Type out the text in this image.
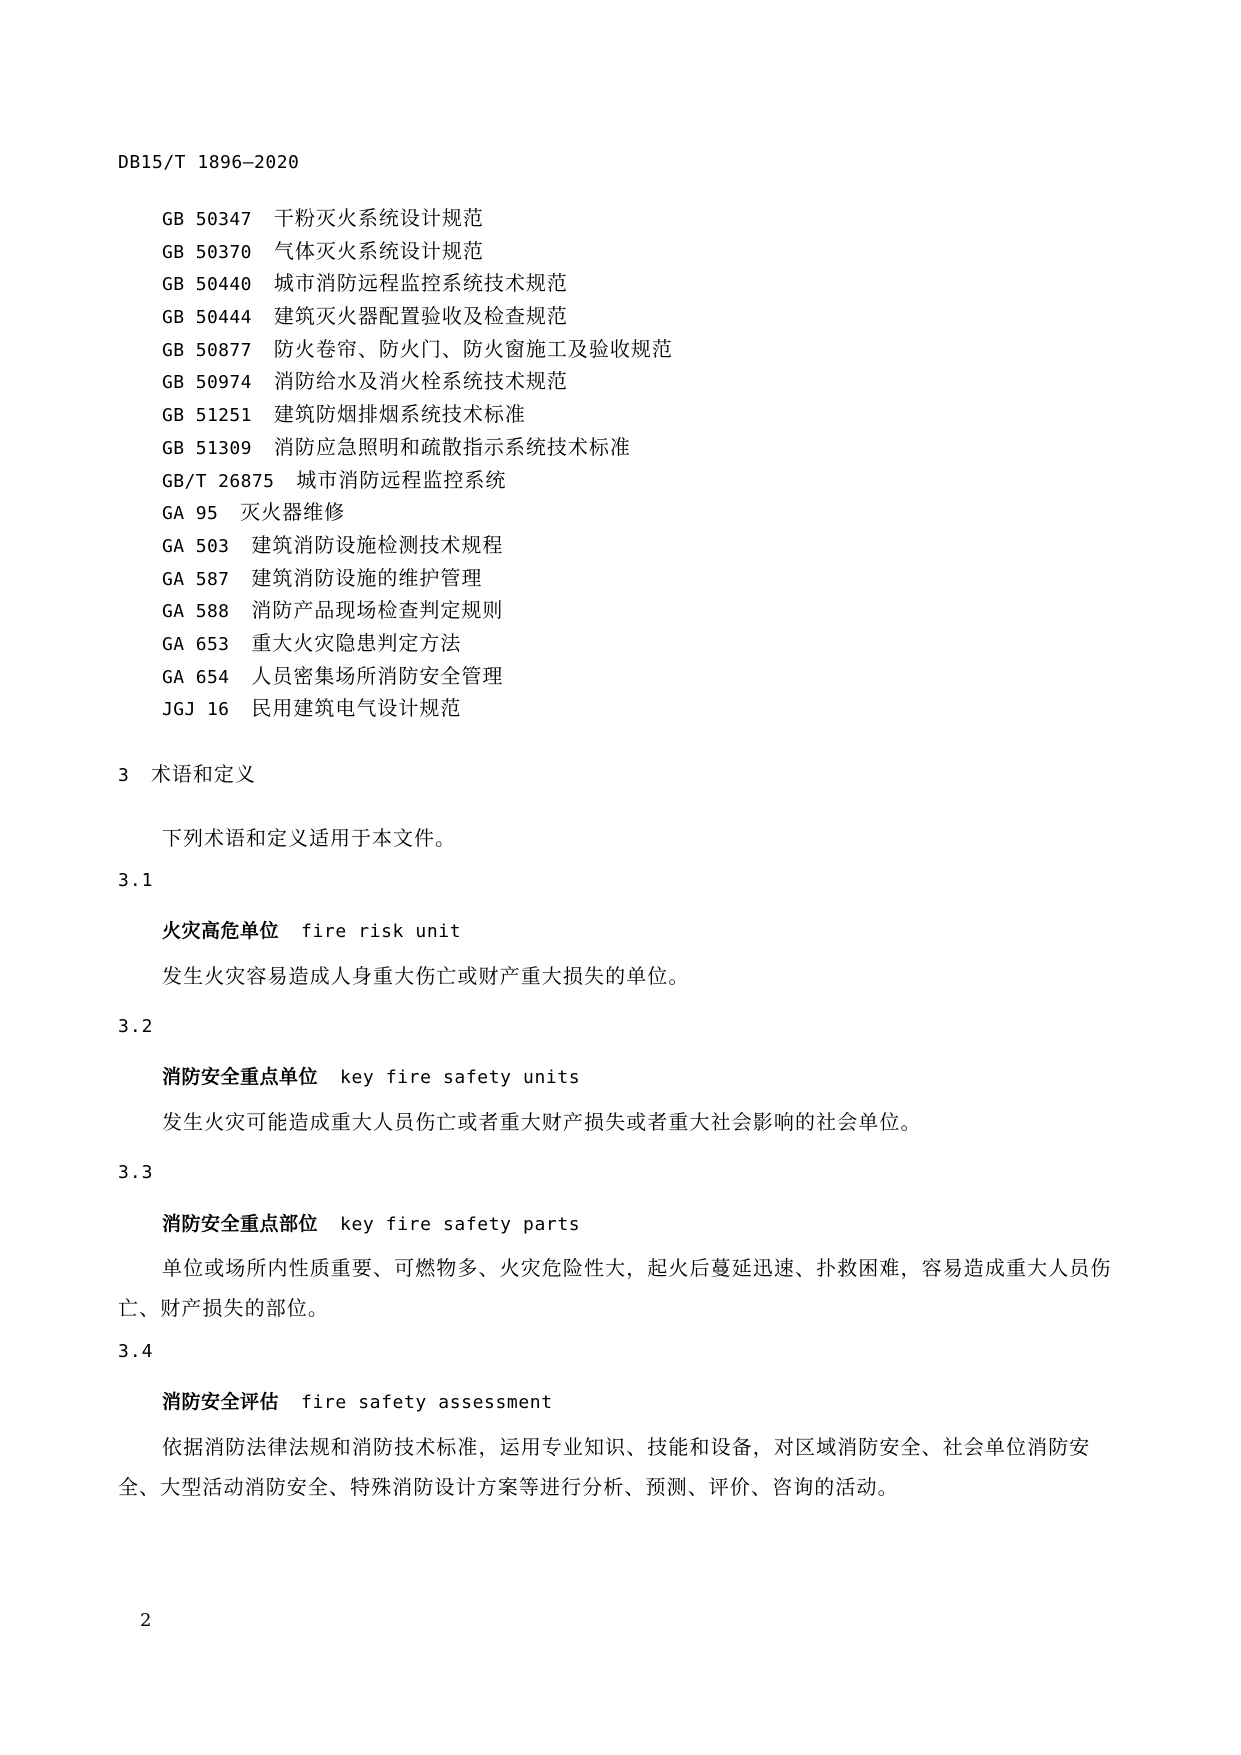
DB15/T 1896—2020
GB 50347 干粉灭火系统设计规范
GB 50370 气体灭火系统设计规范
GB 50440 城市消防远程监控系统技术规范
GB 50444 建筑灭火器配置验收及检查规范
GB 50877 防火卷帘、防火门、防火窗施工及验收规范
GB 50974 消防给水及消火栓系统技术规范
GB 51251 建筑防烟排烟系统技术标准
GB 51309 消防应急照明和疏散指示系统技术标准
GB/T 26875 城市消防远程监控系统
GA 95 灭火器维修
GA 503 建筑消防设施检测技术规程
GA 587 建筑消防设施的维护管理
GA 588 消防产品现场检查判定规则
GA 653 重大火灾隐患判定方法
GA 654 人员密集场所消防安全管理
JGJ 16 民用建筑电气设计规范
3 术语和定义
下列术语和定义适用于本文件。
3.1
火灾高危单位 fire risk unit

发生火灾容易造成人身重大伤亡或财产重大损失的单位。

3.2
消防安全重点单位 key fire safety units

发生火灾可能造成重大人员伤亡或者重大财产损失或者重大社会影响的社会单位。

3.3
消防安全重点部位 key fire safety parts

单位或场所内性质重要、可燃物多、火灾危险性大，起火后蔓延迅速、扑救困难，容易造成重大人员伤亡、财产损失的部位。

3.4
消防安全评估 fire safety assessment

依据消防法律法规和消防技术标准，运用专业知识、技能和设备，对区域消防安全、社会单位消防安全、大型活动消防安全、特殊消防设计方案等进行分析、预测、评价、咨询的活动。

2
